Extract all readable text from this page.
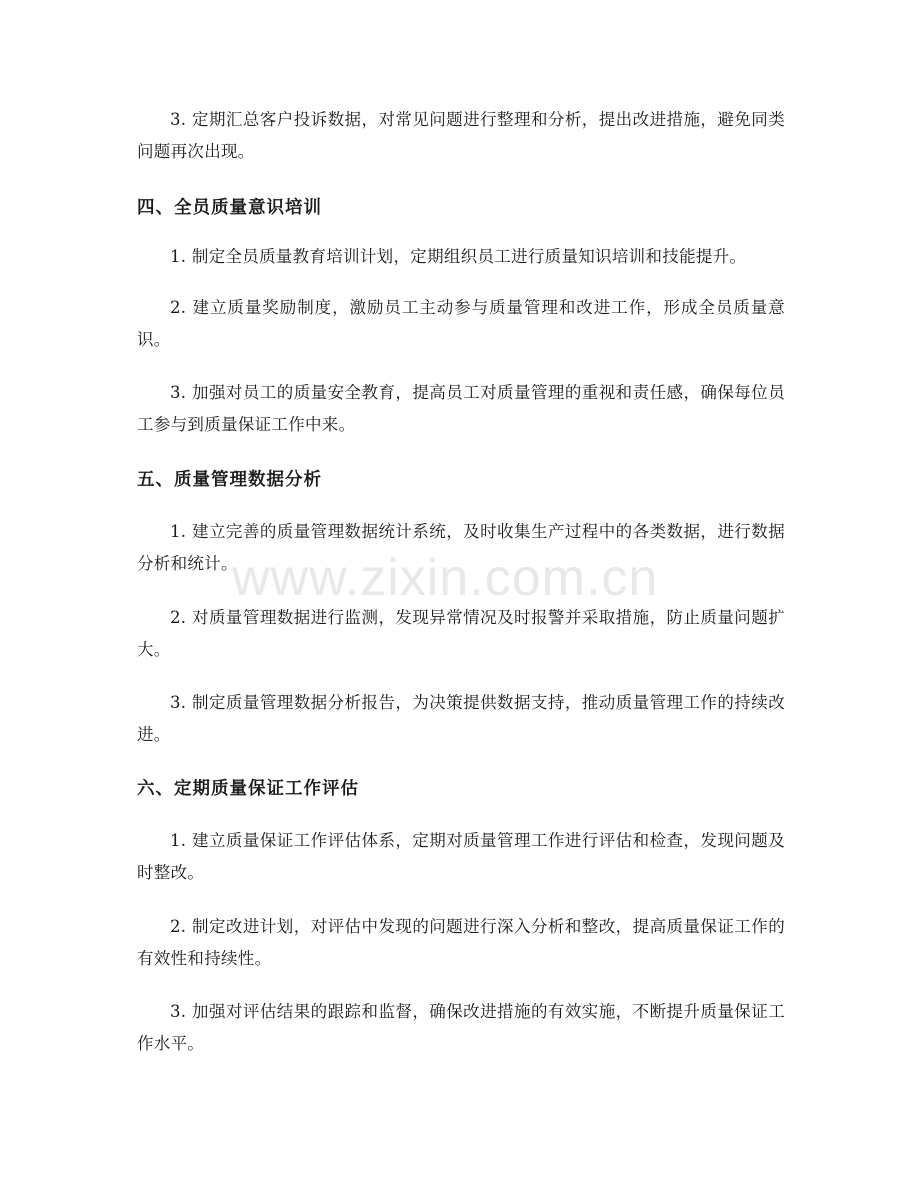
3. 定期汇总客户投诉数据，对常见问题进行整理和分析，提出改进措施，避免同类问题再次出现。

四、全员质量意识培训

1. 制定全员质量教育培训计划，定期组织员工进行质量知识培训和技能提升。

2. 建立质量奖励制度，激励员工主动参与质量管理和改进工作，形成全员质量意识。

3. 加强对员工的质量安全教育，提高员工对质量管理的重视和责任感，确保每位员工参与到质量保证工作中来。

五、质量管理数据分析

1. 建立完善的质量管理数据统计系统，及时收集生产过程中的各类数据，进行数据分析和统计。

2. 对质量管理数据进行监测，发现异常情况及时报警并采取措施，防止质量问题扩大。

3. 制定质量管理数据分析报告，为决策提供数据支持，推动质量管理工作的持续改进。

六、定期质量保证工作评估

1. 建立质量保证工作评估体系，定期对质量管理工作进行评估和检查，发现问题及时整改。

2. 制定改进计划，对评估中发现的问题进行深入分析和整改，提高质量保证工作的有效性和持续性。

3. 加强对评估结果的跟踪和监督，确保改进措施的有效实施，不断提升质量保证工作水平。

www.zixin.com.cn
